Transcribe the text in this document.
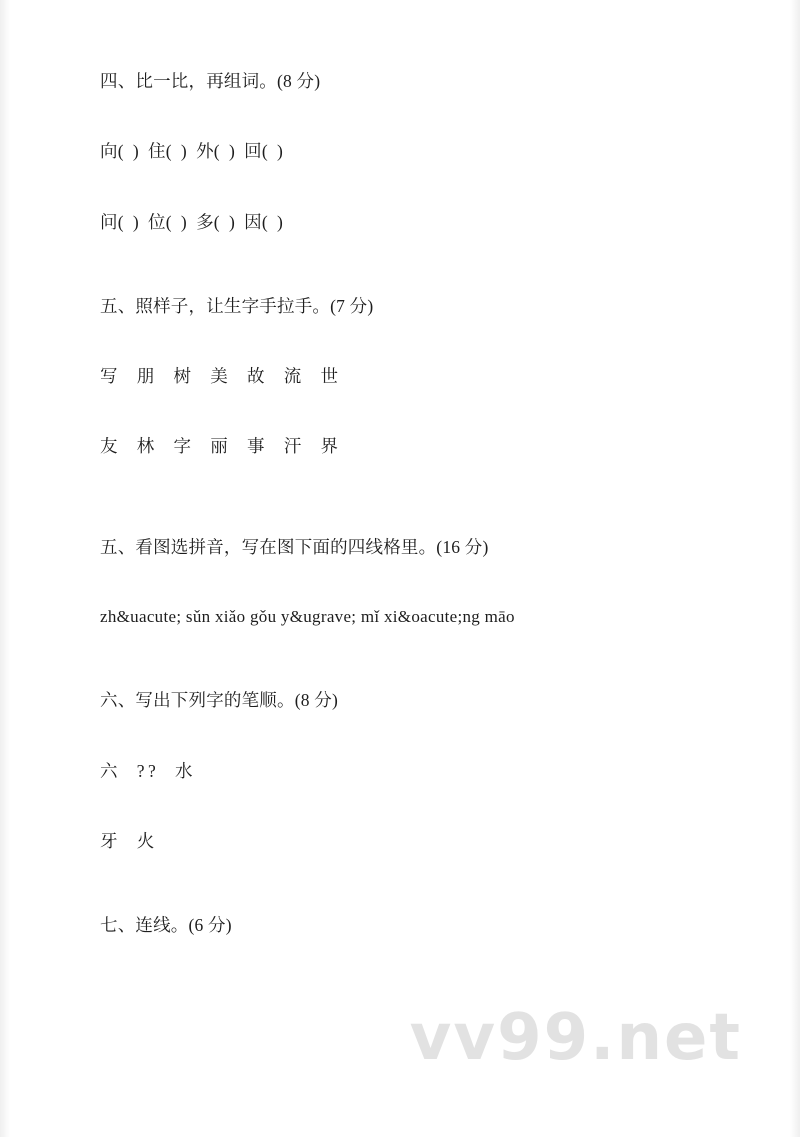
四、比一比，再组词。(8 分)
向(  )  住(  )  外(  )  回(  )
问(  )  位(  )  多(  )  因(  )
五、照样子，让生字手拉手。(7 分)
写  朋  树  美  故  流  世
友  林  字  丽  事  汗  界
五、看图选拼音，写在图下面的四线格里。(16 分)
zh&uacute; sǔn xiǎo gǒu y&ugrave; mǐ xi&oacute;ng māo
六、写出下列字的笔顺。(8 分)
六  ??  水
牙  火
七、连线。(6 分)
vv99.net
